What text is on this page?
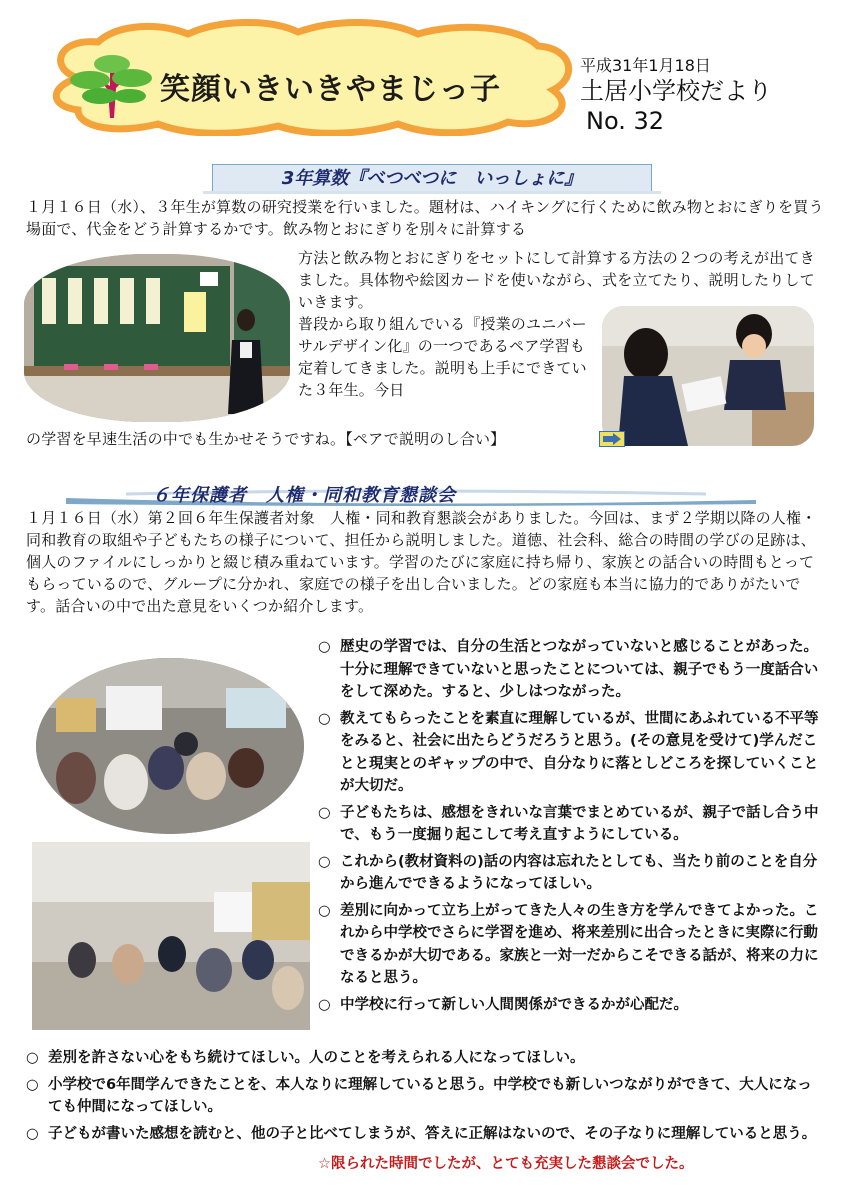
笑顔いきいきやまじっ子
平成31年1月18日
土居小学校だより
No. 32
3年算数『べつべつに　いっしょに』
１月１６日（水）、３年生が算数の研究授業を行いました。題材は、ハイキングに行くために飲み物とおにぎりを買う場面で、代金をどう計算するかです。飲み物とおにぎりを別々に計算する
方法と飲み物とおにぎりをセットにして計算する方法の２つの考えが出てきました。具体物や絵図カードを使いながら、式を立てたり、説明したりしていきます。
普段から取り組んでいる『授業のユニバーサルデザイン化』の一つであるペア学習も定着してきました。説明も上手にできていた３年生。今日
の学習を早速生活の中でも生かせそうですね。【ペアで説明のし合い】
６年保護者　人権・同和教育懇談会
１月１６日（水）第２回６年生保護者対象　人権・同和教育懇談会がありました。今回は、まず２学期以降の人権・同和教育の取組や子どもたちの様子について、担任から説明しました。道徳、社会科、総合の時間の学びの足跡は、個人のファイルにしっかりと綴じ積み重ねています。学習のたびに家庭に持ち帰り、家族との話合いの時間もとってもらっているので、グループに分かれ、家庭での様子を出し合いました。どの家庭も本当に協力的でありがたいです。話合いの中で出た意見をいくつか紹介します。
○ 歴史の学習では、自分の生活とつながっていないと感じることがあった。十分に理解できていないと思ったことについては、親子でもう一度話合いをして深めた。すると、少しはつながった。
○ 教えてもらったことを素直に理解しているが、世間にあふれている不平等をみると、社会に出たらどうだろうと思う。(その意見を受けて)学んだことと現実とのギャップの中で、自分なりに落としどころを探していくことが大切だ。
○ 子どもたちは、感想をきれいな言葉でまとめているが、親子で話し合う中で、もう一度掘り起こして考え直すようにしている。
○ これから(教材資料の)話の内容は忘れたとしても、当たり前のことを自分から進んでできるようになってほしい。
○ 差別に向かって立ち上がってきた人々の生き方を学んできてよかった。これから中学校でさらに学習を進め、将来差別に出合ったときに実際に行動できるかが大切である。家族と一対一だからこそできる話が、将来の力になると思う。
○ 中学校に行って新しい人間関係ができるかが心配だ。
○ 差別を許さない心をもち続けてほしい。人のことを考えられる人になってほしい。
○ 小学校で6年間学んできたことを、本人なりに理解していると思う。中学校でも新しいつながりができて、大人になっても仲間になってほしい。
○ 子どもが書いた感想を読むと、他の子と比べてしまうが、答えに正解はないので、その子なりに理解していると思う。
☆限られた時間でしたが、とても充実した懇談会でした。
